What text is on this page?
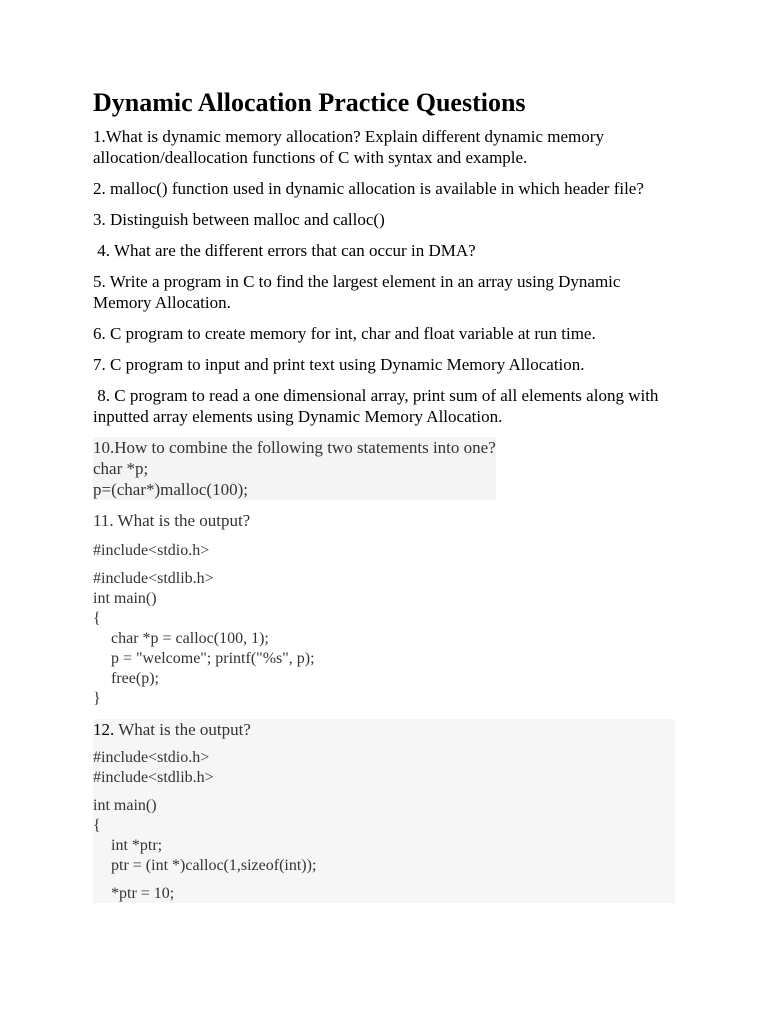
Dynamic Allocation Practice Questions
1.What is dynamic memory allocation? Explain different dynamic memory allocation/deallocation functions of C with syntax and example.
2. malloc() function used in dynamic allocation is available in which header file?
3. Distinguish between malloc and calloc()
4. What are the different errors that can occur in DMA?
5. Write a program in C to find the largest element in an array using Dynamic Memory Allocation.
6. C program to create memory for int, char and float variable at run time.
7. C program to input and print text using Dynamic Memory Allocation.
8. C program to read a one dimensional array, print sum of all elements along with inputted array elements using Dynamic Memory Allocation.
10.How to combine the following two statements into one?
char *p;
p=(char*)malloc(100);
11. What is the output?
#include<stdio.h>
#include<stdlib.h>
int main()
{
char *p = calloc(100, 1);
p = "welcome"; printf("%s", p);
free(p);
}
12. What is the output?
#include<stdio.h>
#include<stdlib.h>
int main()
{
int *ptr;
ptr = (int *)calloc(1,sizeof(int));
*ptr = 10;
